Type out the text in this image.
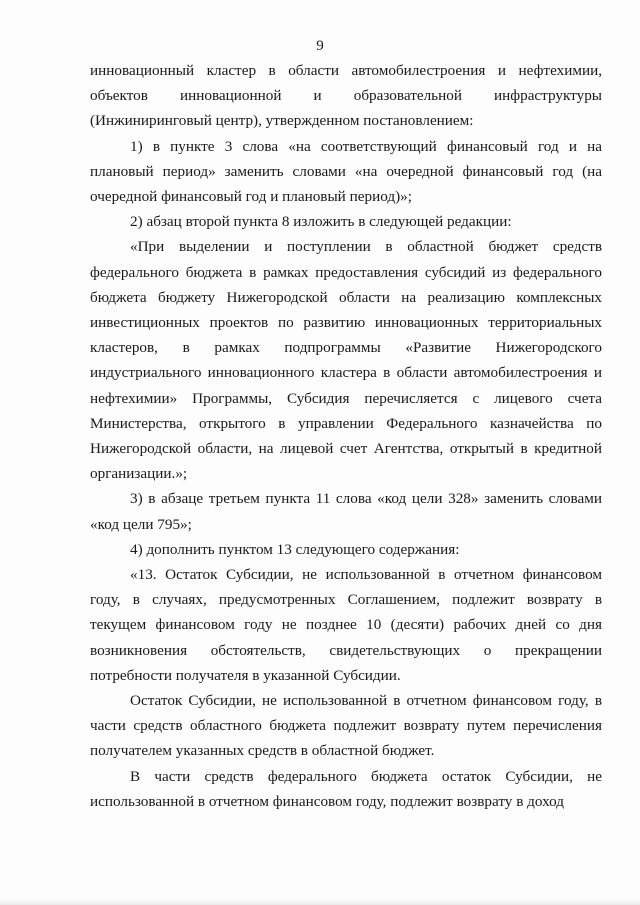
9

инновационный кластер в области автомобилестроения и нефтехимии, объектов инновационной и образовательной инфраструктуры (Инжиниринговый центр), утвержденном постановлением:

1) в пункте 3 слова «на соответствующий финансовый год и на плановый период» заменить словами «на очередной финансовый год (на очередной финансовый год и плановый период)»;

2) абзац второй пункта 8 изложить в следующей редакции:

«При выделении и поступлении в областной бюджет средств федерального бюджета в рамках предоставления субсидий из федерального бюджета бюджету Нижегородской области на реализацию комплексных инвестиционных проектов по развитию инновационных территориальных кластеров, в рамках подпрограммы «Развитие Нижегородского индустриального инновационного кластера в области автомобилестроения и нефтехимии» Программы, Субсидия перечисляется с лицевого счета Министерства, открытого в управлении Федерального казначейства по Нижегородской области, на лицевой счет Агентства, открытый в кредитной организации.»;

3) в абзаце третьем пункта 11 слова «код цели 328» заменить словами «код цели 795»;

4) дополнить пунктом 13 следующего содержания:

«13. Остаток Субсидии, не использованной в отчетном финансовом году, в случаях, предусмотренных Соглашением, подлежит возврату в текущем финансовом году не позднее 10 (десяти) рабочих дней со дня возникновения обстоятельств, свидетельствующих о прекращении потребности получателя в указанной Субсидии.

Остаток Субсидии, не использованной в отчетном финансовом году, в части средств областного бюджета подлежит возврату путем перечисления получателем указанных средств в областной бюджет.

В части средств федерального бюджета остаток Субсидии, не использованной в отчетном финансовом году, подлежит возврату в доход
